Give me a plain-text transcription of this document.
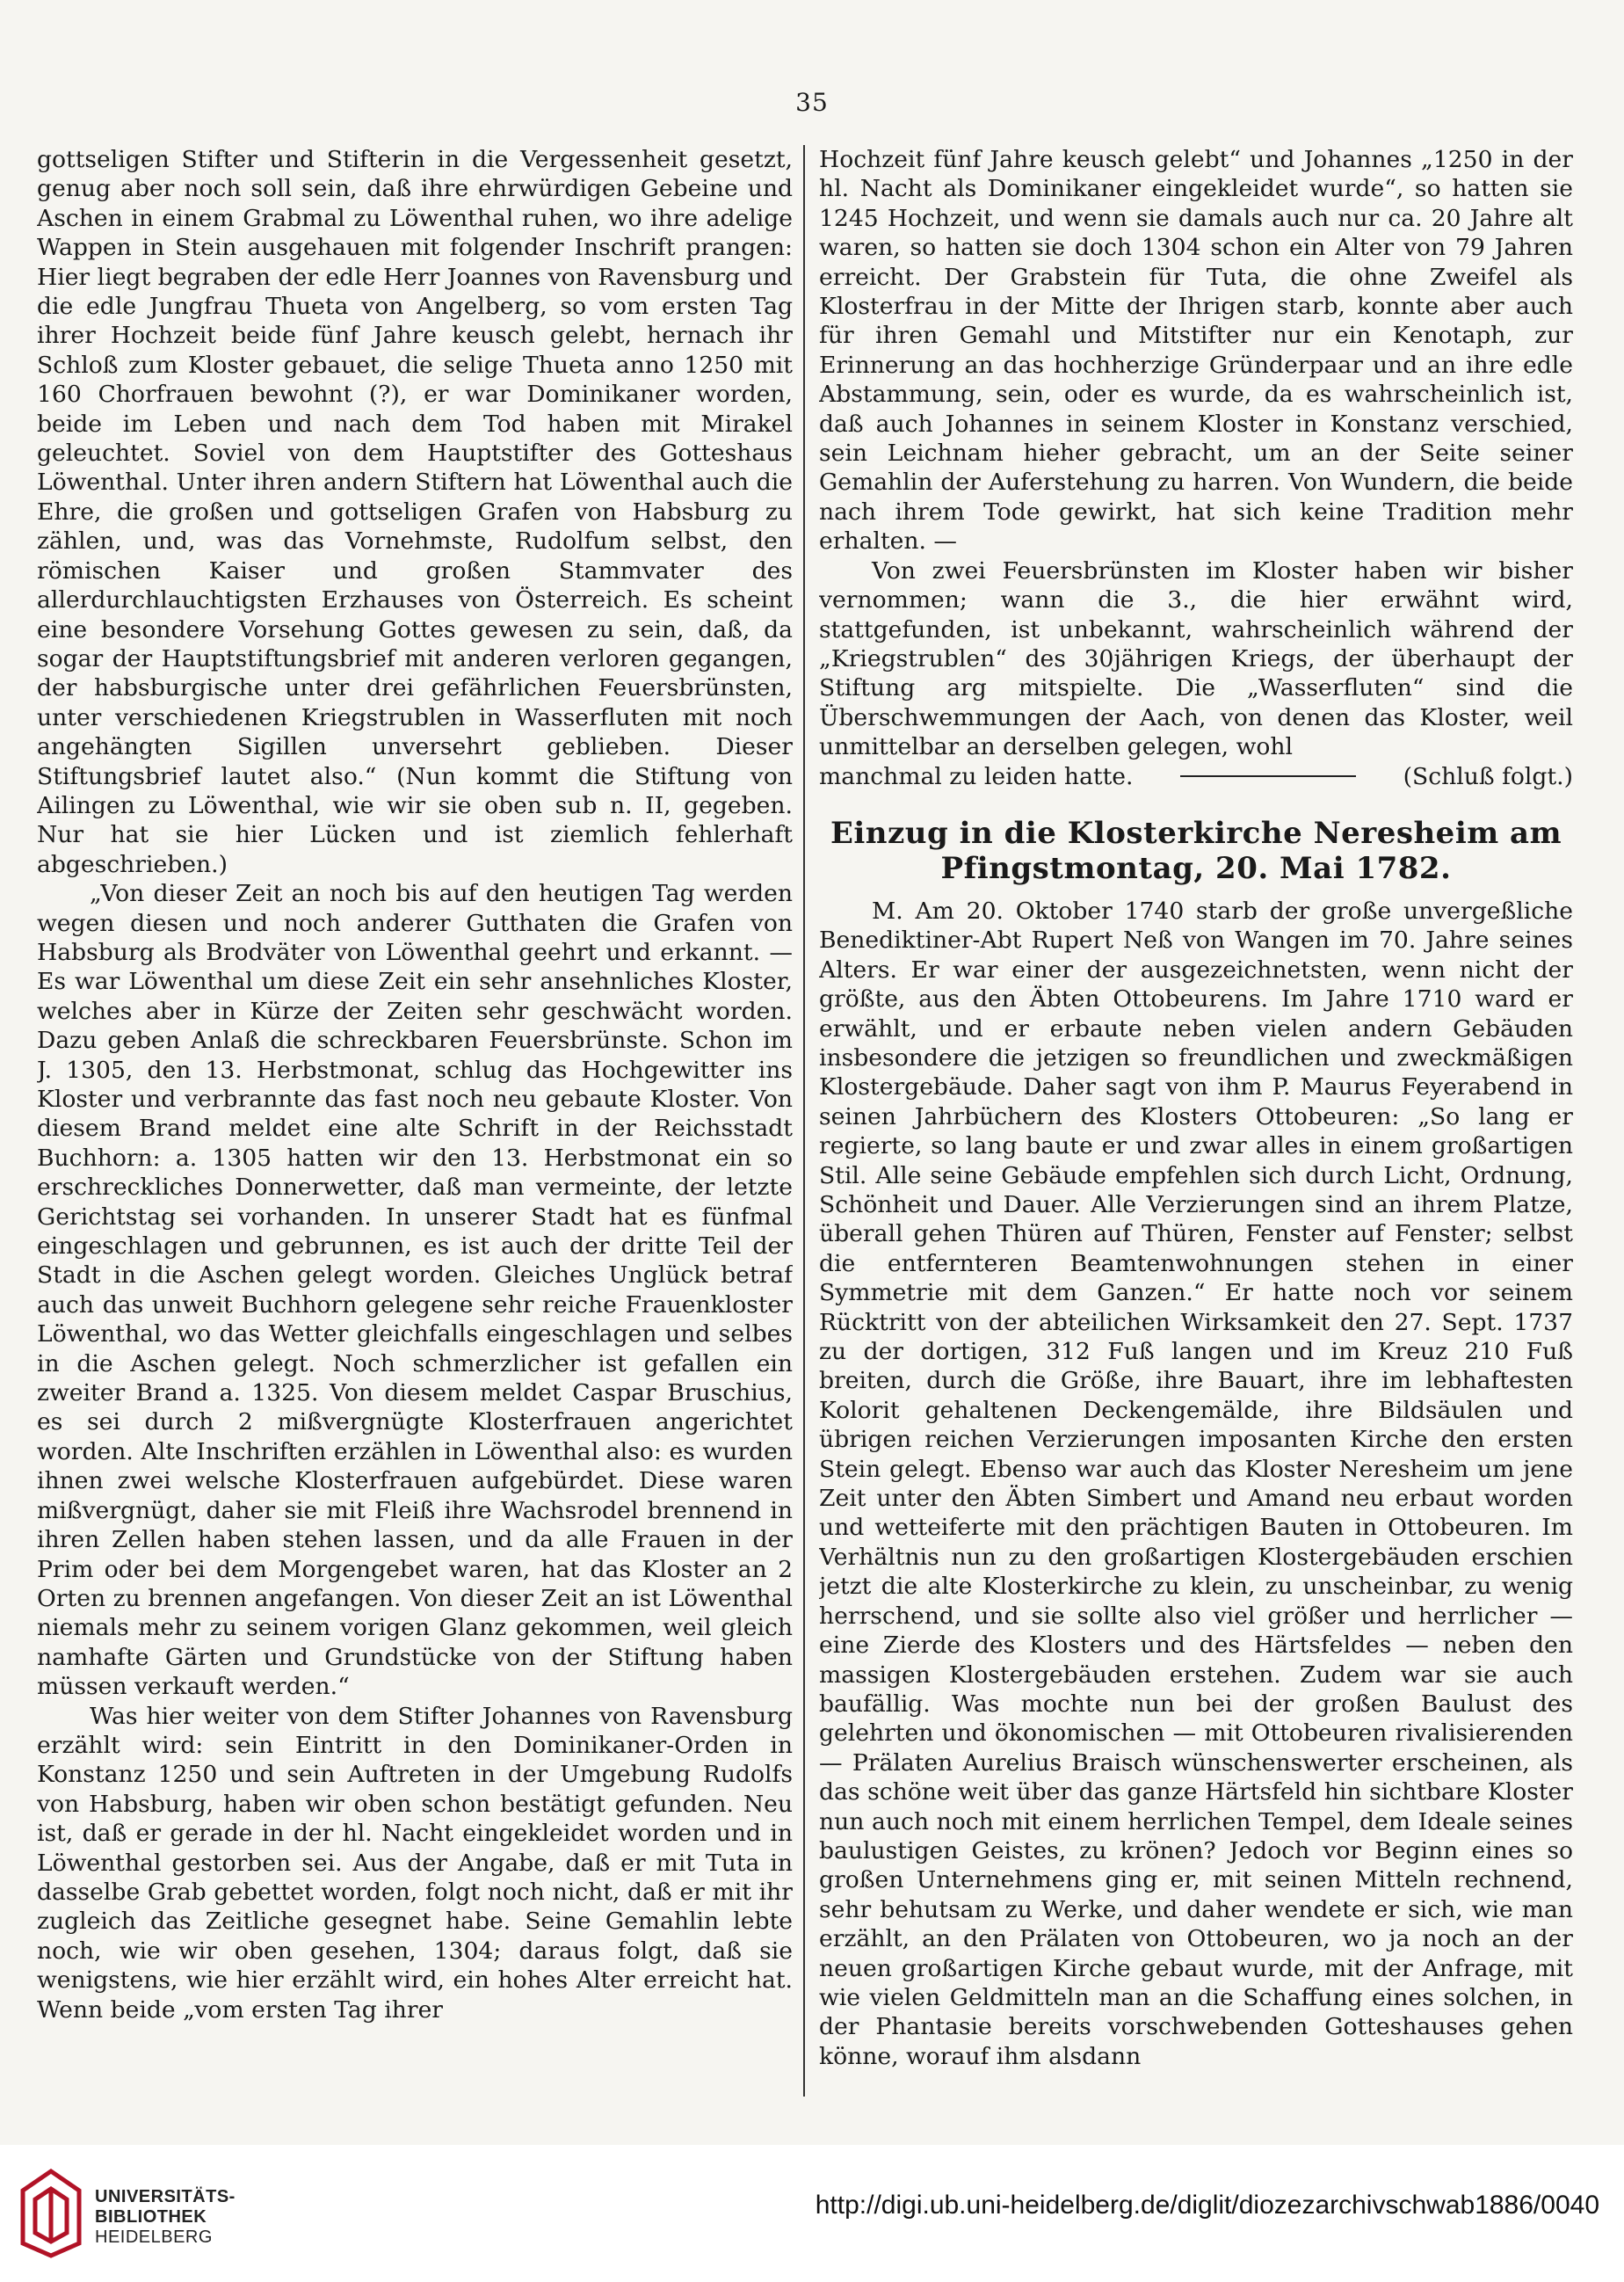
35

gottseligen Stifter und Stifterin in die Vergessenheit gesetzt, genug aber noch soll sein, daß ihre ehrwürdigen Gebeine und Aschen in einem Grabmal zu Löwenthal ruhen, wo ihre adelige Wappen in Stein ausgehauen mit folgender Inschrift prangen: Hier liegt begraben der edle Herr Joannes von Ravensburg und die edle Jungfrau Thueta von Angelberg, so vom ersten Tag ihrer Hochzeit beide fünf Jahre keusch gelebt, hernach ihr Schloß zum Kloster gebauet, die selige Thueta anno 1250 mit 160 Chorfrauen bewohnt (?), er war Dominikaner worden, beide im Leben und nach dem Tod haben mit Mirakel geleuchtet. Soviel von dem Hauptstifter des Gotteshaus Löwenthal. Unter ihren andern Stiftern hat Löwenthal auch die Ehre, die großen und gottseligen Grafen von Habsburg zu zählen, und, was das Vornehmste, Rudolfum selbst, den römischen Kaiser und großen Stammvater des allerdurchlauchtigsten Erzhauses von Österreich. Es scheint eine besondere Vorsehung Gottes gewesen zu sein, daß, da sogar der Hauptstiftungsbrief mit anderen verloren gegangen, der habsburgische unter drei gefährlichen Feuersbrünsten, unter verschiedenen Kriegstrublen in Wasserfluten mit noch angehängten Sigillen unversehrt geblieben. Dieser Stiftungsbrief lautet also.“ (Nun kommt die Stiftung von Ailingen zu Löwenthal, wie wir sie oben sub n. II, gegeben. Nur hat sie hier Lücken und ist ziemlich fehlerhaft abgeschrieben.)

„Von dieser Zeit an noch bis auf den heutigen Tag werden wegen diesen und noch anderer Gutthaten die Grafen von Habsburg als Brodväter von Löwenthal geehrt und erkannt. — Es war Löwenthal um diese Zeit ein sehr ansehnliches Kloster, welches aber in Kürze der Zeiten sehr geschwächt worden. Dazu geben Anlaß die schreckbaren Feuersbrünste. Schon im J. 1305, den 13. Herbstmonat, schlug das Hochgewitter ins Kloster und verbrannte das fast noch neu gebaute Kloster. Von diesem Brand meldet eine alte Schrift in der Reichsstadt Buchhorn: a. 1305 hatten wir den 13. Herbstmonat ein so erschreckliches Donnerwetter, daß man vermeinte, der letzte Gerichtstag sei vorhanden. In unserer Stadt hat es fünfmal eingeschlagen und gebrunnen, es ist auch der dritte Teil der Stadt in die Aschen gelegt worden. Gleiches Unglück betraf auch das unweit Buchhorn gelegene sehr reiche Frauenkloster Löwenthal, wo das Wetter gleichfalls eingeschlagen und selbes in die Aschen gelegt. Noch schmerzlicher ist gefallen ein zweiter Brand a. 1325. Von diesem meldet Caspar Bruschius, es sei durch 2 mißvergnügte Klosterfrauen angerichtet worden. Alte Inschriften erzählen in Löwenthal also: es wurden ihnen zwei welsche Klosterfrauen aufgebürdet. Diese waren mißvergnügt, daher sie mit Fleiß ihre Wachsrodel brennend in ihren Zellen haben stehen lassen, und da alle Frauen in der Prim oder bei dem Morgengebet waren, hat das Kloster an 2 Orten zu brennen angefangen. Von dieser Zeit an ist Löwenthal niemals mehr zu seinem vorigen Glanz gekommen, weil gleich namhafte Gärten und Grundstücke von der Stiftung haben müssen verkauft werden.“

Was hier weiter von dem Stifter Johannes von Ravensburg erzählt wird: sein Eintritt in den Dominikaner-Orden in Konstanz 1250 und sein Auftreten in der Umgebung Rudolfs von Habsburg, haben wir oben schon bestätigt gefunden. Neu ist, daß er gerade in der hl. Nacht eingekleidet worden und in Löwenthal gestorben sei. Aus der Angabe, daß er mit Tuta in dasselbe Grab gebettet worden, folgt noch nicht, daß er mit ihr zugleich das Zeitliche gesegnet habe. Seine Gemahlin lebte noch, wie wir oben gesehen, 1304; daraus folgt, daß sie wenigstens, wie hier erzählt wird, ein hohes Alter erreicht hat. Wenn beide „vom ersten Tag ihrer

Hochzeit fünf Jahre keusch gelebt“ und Johannes „1250 in der hl. Nacht als Dominikaner eingekleidet wurde“, so hatten sie 1245 Hochzeit, und wenn sie damals auch nur ca. 20 Jahre alt waren, so hatten sie doch 1304 schon ein Alter von 79 Jahren erreicht. Der Grabstein für Tuta, die ohne Zweifel als Klosterfrau in der Mitte der Ihrigen starb, konnte aber auch für ihren Gemahl und Mitstifter nur ein Kenotaph, zur Erinnerung an das hochherzige Gründerpaar und an ihre edle Abstammung, sein, oder es wurde, da es wahrscheinlich ist, daß auch Johannes in seinem Kloster in Konstanz verschied, sein Leichnam hieher gebracht, um an der Seite seiner Gemahlin der Auferstehung zu harren. Von Wundern, die beide nach ihrem Tode gewirkt, hat sich keine Tradition mehr erhalten. —

Von zwei Feuersbrünsten im Kloster haben wir bisher vernommen; wann die 3., die hier erwähnt wird, stattgefunden, ist unbekannt, wahrscheinlich während der „Kriegstrublen“ des 30jährigen Kriegs, der überhaupt der Stiftung arg mitspielte. Die „Wasserfluten“ sind die Überschwemmungen der Aach, von denen das Kloster, weil unmittelbar an derselben gelegen, wohl

manchmal zu leiden hatte.	(Schluß folgt.)
Einzug in die Klosterkirche Neresheim am
Pfingstmontag, 20. Mai 1782.

M. Am 20. Oktober 1740 starb der große unvergeßliche Benediktiner-Abt Rupert Neß von Wangen im 70. Jahre seines Alters. Er war einer der ausgezeichnetsten, wenn nicht der größte, aus den Äbten Ottobeurens. Im Jahre 1710 ward er erwählt, und er erbaute neben vielen andern Gebäuden insbesondere die jetzigen so freundlichen und zweckmäßigen Klostergebäude. Daher sagt von ihm P. Maurus Feyerabend in seinen Jahrbüchern des Klosters Ottobeuren: „So lang er regierte, so lang baute er und zwar alles in einem großartigen Stil. Alle seine Gebäude empfehlen sich durch Licht, Ordnung, Schönheit und Dauer. Alle Verzierungen sind an ihrem Platze, überall gehen Thüren auf Thüren, Fenster auf Fenster; selbst die entfernteren Beamtenwohnungen stehen in einer Symmetrie mit dem Ganzen.“ Er hatte noch vor seinem Rücktritt von der abteilichen Wirksamkeit den 27. Sept. 1737 zu der dortigen, 312 Fuß langen und im Kreuz 210 Fuß breiten, durch die Größe, ihre Bauart, ihre im lebhaftesten Kolorit gehaltenen Deckengemälde, ihre Bildsäulen und übrigen reichen Verzierungen imposanten Kirche den ersten Stein gelegt. Ebenso war auch das Kloster Neresheim um jene Zeit unter den Äbten Simbert und Amand neu erbaut worden und wetteiferte mit den prächtigen Bauten in Ottobeuren. Im Verhältnis nun zu den großartigen Klostergebäuden erschien jetzt die alte Klosterkirche zu klein, zu unscheinbar, zu wenig herrschend, und sie sollte also viel größer und herrlicher — eine Zierde des Klosters und des Härtsfeldes — neben den massigen Klostergebäuden erstehen. Zudem war sie auch baufällig. Was mochte nun bei der großen Baulust des gelehrten und ökonomischen — mit Ottobeuren rivalisierenden — Prälaten Aurelius Braisch wünschenswerter erscheinen, als das schöne weit über das ganze Härtsfeld hin sichtbare Kloster nun auch noch mit einem herrlichen Tempel, dem Ideale seines baulustigen Geistes, zu krönen? Jedoch vor Beginn eines so großen Unternehmens ging er, mit seinen Mitteln rechnend, sehr behutsam zu Werke, und daher wendete er sich, wie man erzählt, an den Prälaten von Ottobeuren, wo ja noch an der neuen großartigen Kirche gebaut wurde, mit der Anfrage, mit wie vielen Geldmitteln man an die Schaffung eines solchen, in der Phantasie bereits vorschwebenden Gotteshauses gehen könne, worauf ihm alsdann

UNIVERSITÄTS-
BIBLIOTHEK
HEIDELBERG
http://digi.ub.uni-heidelberg.de/diglit/diozezarchivschwab1886/0040
